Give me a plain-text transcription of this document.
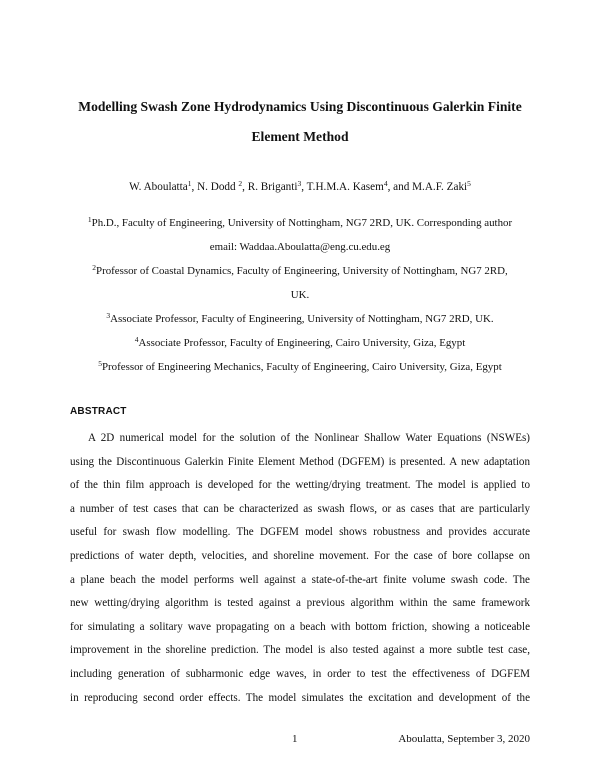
Modelling Swash Zone Hydrodynamics Using Discontinuous Galerkin Finite
Element Method
W. Aboulatta$^1$, N. Dodd $^2$, R. Briganti$^3$, T.H.M.A. Kasem$^4$, and M.A.F. Zaki$^5$
$^1$Ph.D., Faculty of Engineering, University of Nottingham, NG7 2RD, UK. Corresponding author
email: Waddaa.Aboulatta@eng.cu.edu.eg
$^2$Professor of Coastal Dynamics, Faculty of Engineering, University of Nottingham, NG7 2RD,
UK.
$^3$Associate Professor, Faculty of Engineering, University of Nottingham, NG7 2RD, UK.
$^4$Associate Professor, Faculty of Engineering, Cairo University, Giza, Egypt
$^5$Professor of Engineering Mechanics, Faculty of Engineering, Cairo University, Giza, Egypt
ABSTRACT
A 2D numerical model for the solution of the Nonlinear Shallow Water Equations (NSWEs)
using the Discontinuous Galerkin Finite Element Method (DGFEM) is presented. A new adaptation
of the thin film approach is developed for the wetting/drying treatment. The model is applied to
a number of test cases that can be characterized as swash flows, or as cases that are particularly
useful for swash flow modelling. The DGFEM model shows robustness and provides accurate
predictions of water depth, velocities, and shoreline movement. For the case of bore collapse on
a plane beach the model performs well against a state-of-the-art finite volume swash code. The
new wetting/drying algorithm is tested against a previous algorithm within the same framework
for simulating a solitary wave propagating on a beach with bottom friction, showing a noticeable
improvement in the shoreline prediction. The model is also tested against a more subtle test case,
including generation of subharmonic edge waves, in order to test the effectiveness of DGFEM
in reproducing second order effects. The model simulates the excitation and development of the
1	Aboulatta, September 3, 2020
